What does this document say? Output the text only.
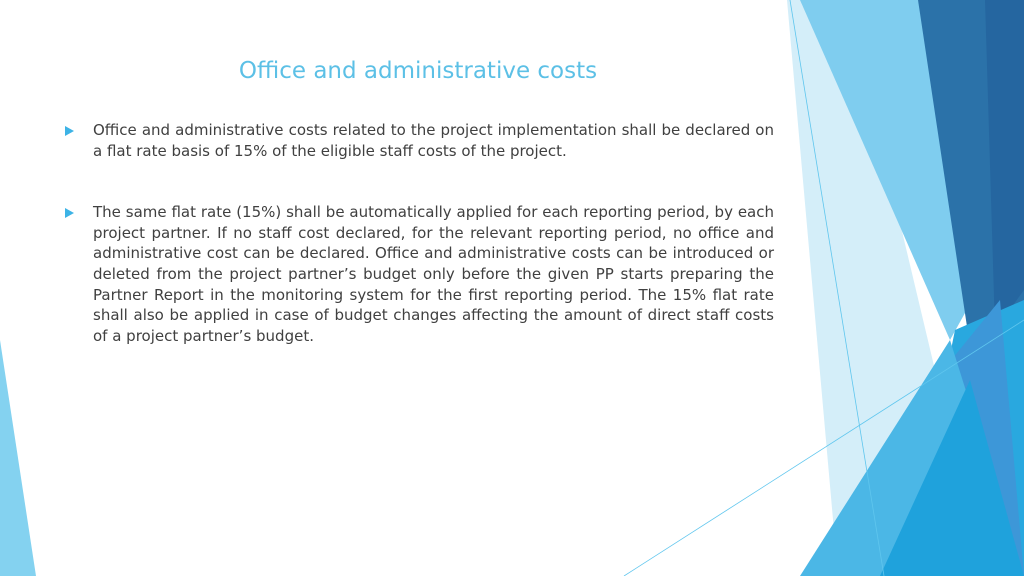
Office and administrative costs
Office and administrative costs related to the project implementation shall be declared on a flat rate basis of 15% of the eligible staff costs of the project.
The same flat rate (15%) shall be automatically applied for each reporting period, by each project partner. If no staff cost declared, for the relevant reporting period, no office and administrative cost can be declared. Office and administrative costs can be introduced or deleted from the project partner’s budget only before the given PP starts preparing the Partner Report in the monitoring system for the first reporting period. The 15% flat rate shall also be applied in case of budget changes affecting the amount of direct staff costs of a project partner’s budget.
